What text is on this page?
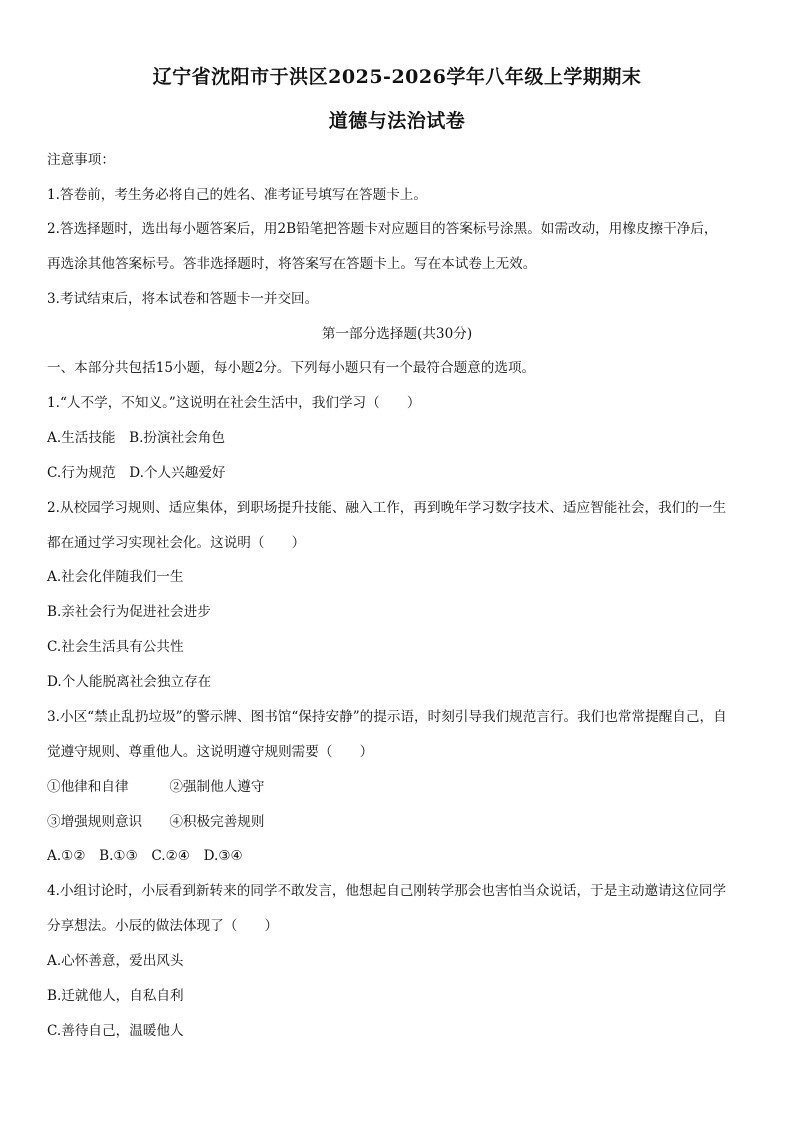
辽宁省沈阳市于洪区2025-2026学年八年级上学期期末
道德与法治试卷
注意事项：
1.答卷前，考生务必将自己的姓名、准考证号填写在答题卡上。
2.答选择题时，选出每小题答案后，用2B铅笔把答题卡对应题目的答案标号涂黑。如需改动，用橡皮擦干净后，
再选涂其他答案标号。答非选择题时，将答案写在答题卡上。写在本试卷上无效。
3.考试结束后，将本试卷和答题卡一并交回。
第一部分选择题(共30分)
一、本部分共包括15小题，每小题2分。下列每小题只有一个最符合题意的选项。
1.“人不学，不知义。”这说明在社会生活中，我们学习（　　）
A.生活技能　B.扮演社会角色
C.行为规范　D.个人兴趣爱好
2.从校园学习规则、适应集体，到职场提升技能、融入工作，再到晚年学习数字技术、适应智能社会，我们的一生
都在通过学习实现社会化。这说明（　　）
A.社会化伴随我们一生
B.亲社会行为促进社会进步
C.社会生活具有公共性
D.个人能脱离社会独立存在
3.小区“禁止乱扔垃圾”的警示牌、图书馆“保持安静”的提示语，时刻引导我们规范言行。我们也常常提醒自己，自
觉遵守规则、尊重他人。这说明遵守规则需要（　　）
①他律和自律　　　②强制他人遵守
③增强规则意识　　④积极完善规则
A.①②　B.①③　C.②④　D.③④
4.小组讨论时，小辰看到新转来的同学不敢发言，他想起自己刚转学那会也害怕当众说话，于是主动邀请这位同学
分享想法。小辰的做法体现了（　　）
A.心怀善意，爱出风头
B.迁就他人，自私自利
C.善待自己，温暖他人
